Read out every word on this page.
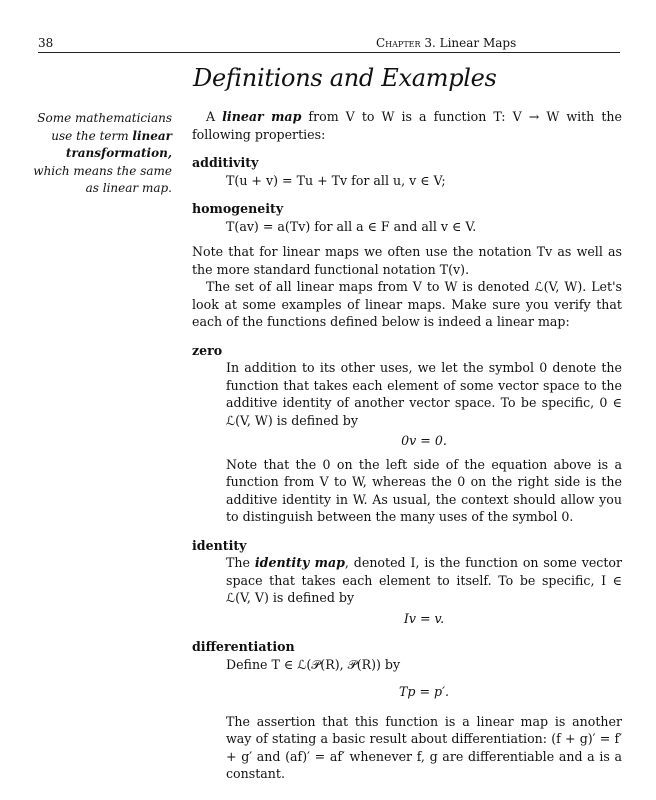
38	Chapter 3. Linear Maps
Definitions and Examples
Some mathematicians use the term linear transformation, which means the same as linear map.

A linear map from V to W is a function T: V → W with the following properties:

additivity

T(u + v) = Tu + Tv for all u, v ∈ V;

homogeneity

T(av) = a(Tv) for all a ∈ F and all v ∈ V.

Note that for linear maps we often use the notation Tv as well as the more standard functional notation T(v).

The set of all linear maps from V to W is denoted ℒ(V, W). Let's look at some examples of linear maps. Make sure you verify that each of the functions defined below is indeed a linear map:

zero

In addition to its other uses, we let the symbol 0 denote the function that takes each element of some vector space to the additive identity of another vector space. To be specific, 0 ∈ ℒ(V, W) is defined by

0v = 0.

Note that the 0 on the left side of the equation above is a function from V to W, whereas the 0 on the right side is the additive identity in W. As usual, the context should allow you to distinguish between the many uses of the symbol 0.

identity

The identity map, denoted I, is the function on some vector space that takes each element to itself. To be specific, I ∈ ℒ(V, V) is defined by

Iv = v.
differentiation

Define T ∈ ℒ(𝒫(R), 𝒫(R)) by

Tp = p′.

The assertion that this function is a linear map is another way of stating a basic result about differentiation: (f + g)′ = f′ + g′ and (af)′ = af′ whenever f, g are differentiable and a is a constant.
